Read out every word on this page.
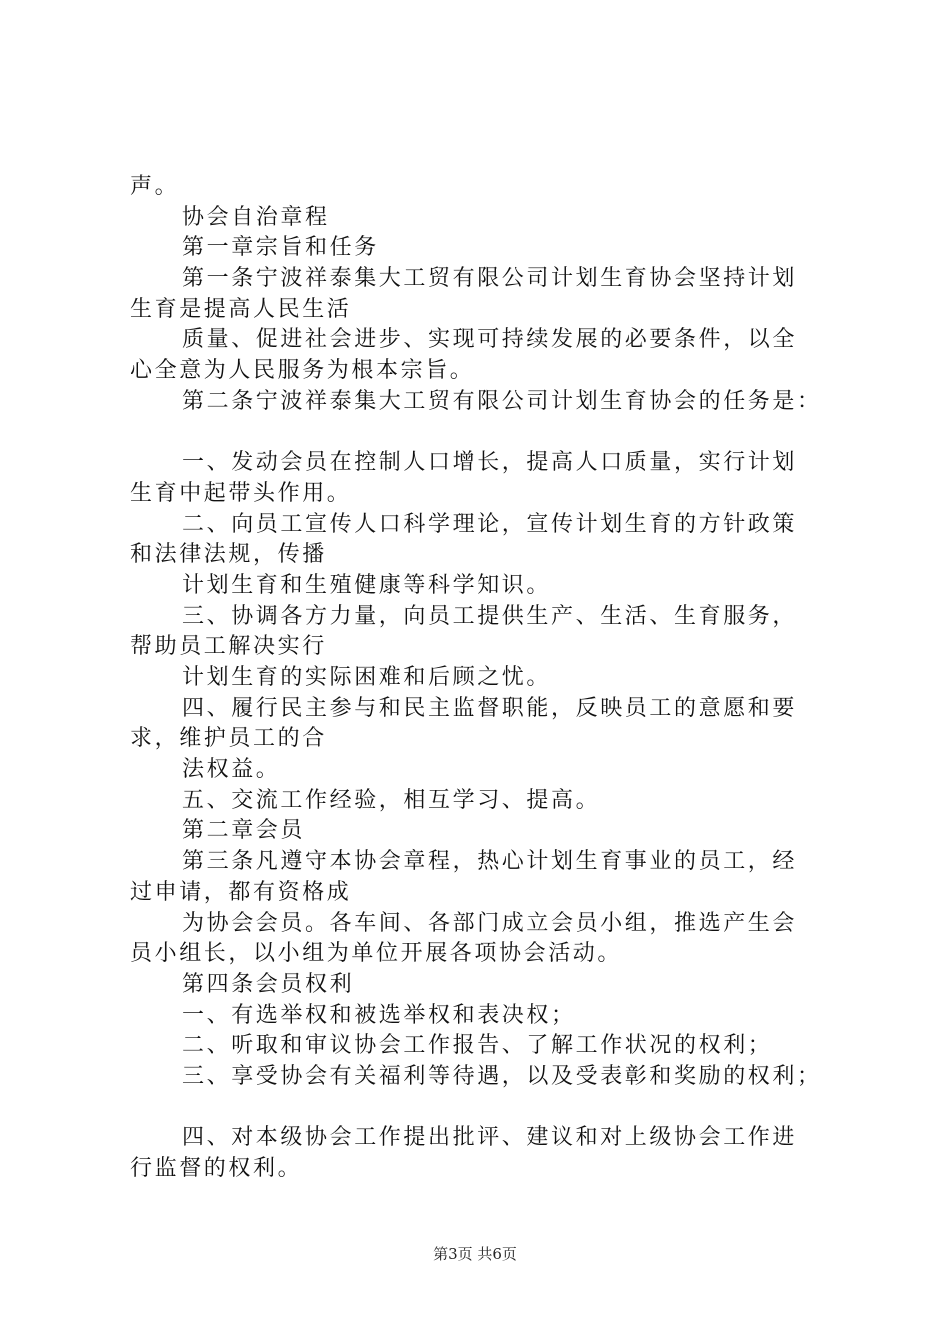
声。
协会自治章程
第一章宗旨和任务
第一条宁波祥泰集大工贸有限公司计划生育协会坚持计划
生育是提高人民生活
质量、促进社会进步、实现可持续发展的必要条件，以全
心全意为人民服务为根本宗旨。
第二条宁波祥泰集大工贸有限公司计划生育协会的任务是：
一、发动会员在控制人口增长，提高人口质量，实行计划
生育中起带头作用。
二、向员工宣传人口科学理论，宣传计划生育的方针政策
和法律法规，传播
计划生育和生殖健康等科学知识。
三、协调各方力量，向员工提供生产、生活、生育服务，
帮助员工解决实行
计划生育的实际困难和后顾之忧。
四、履行民主参与和民主监督职能，反映员工的意愿和要
求，维护员工的合
法权益。
五、交流工作经验，相互学习、提高。
第二章会员
第三条凡遵守本协会章程，热心计划生育事业的员工，经
过申请，都有资格成
为协会会员。各车间、各部门成立会员小组，推选产生会
员小组长，以小组为单位开展各项协会活动。
第四条会员权利
一、有选举权和被选举权和表决权；
二、听取和审议协会工作报告、了解工作状况的权利；
三、享受协会有关福利等待遇，以及受表彰和奖励的权利；
四、对本级协会工作提出批评、建议和对上级协会工作进
行监督的权利。
第3页 共6页
